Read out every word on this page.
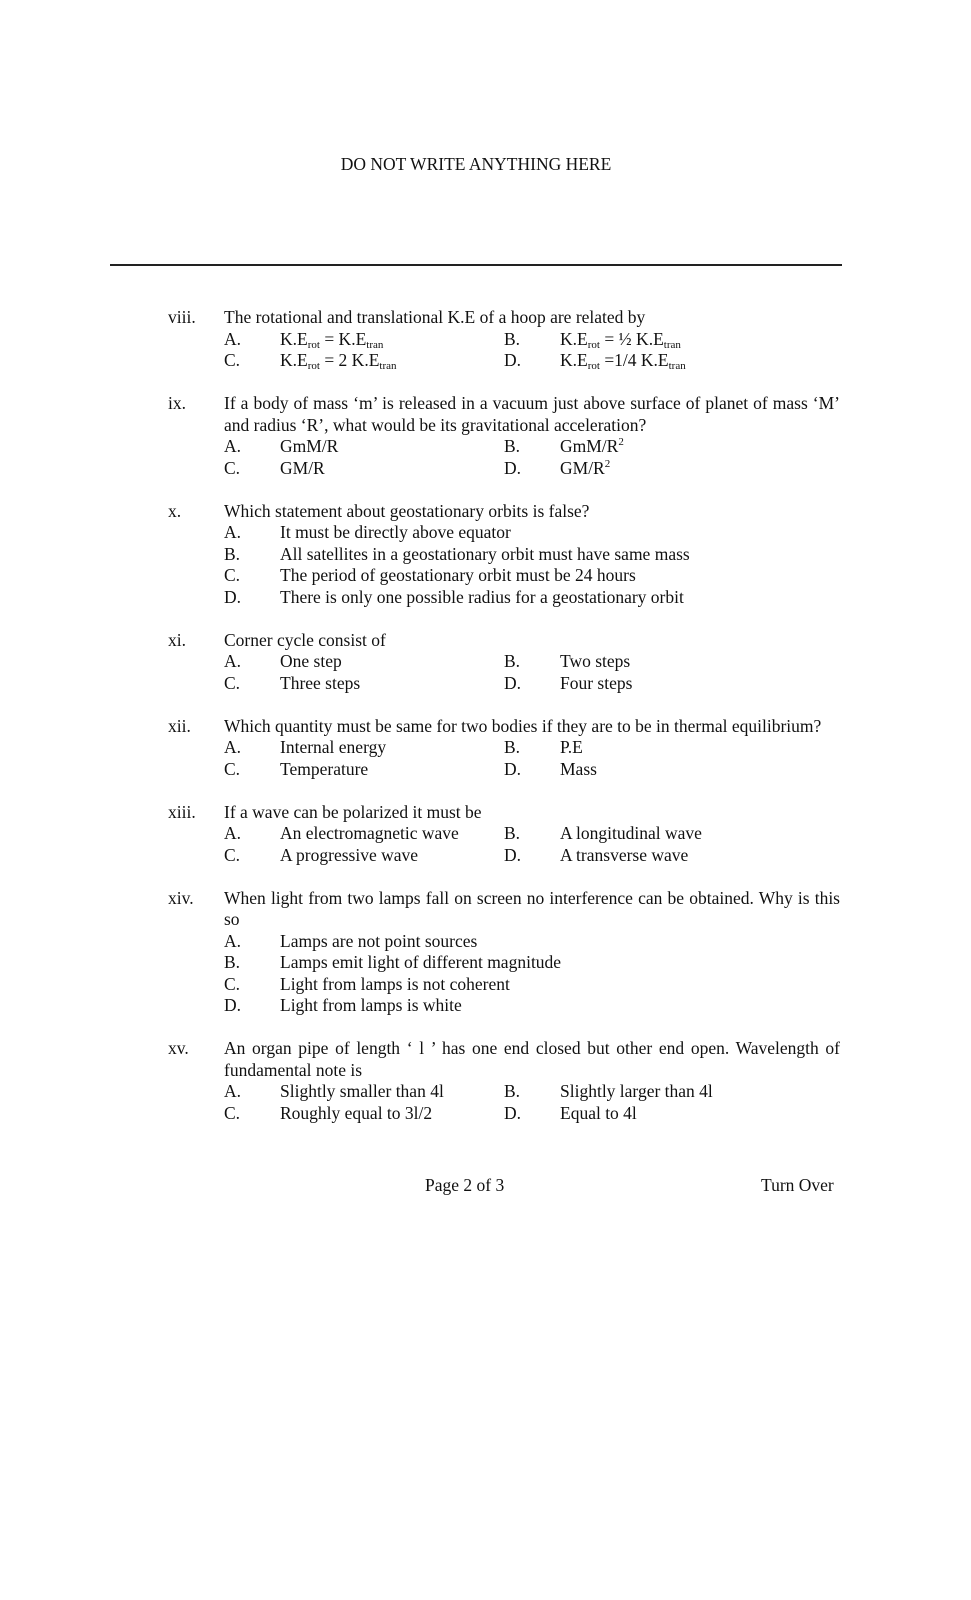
DO NOT WRITE ANYTHING HERE
viii.	The rotational and translational K.E of a hoop are related by
A.	$K.E_{rot} = K.E_{tran}$	B.	$K.E_{rot}$ = ½ $K.E_{tran}$
C.	$K.E_{rot} = 2$ $K.E_{tran}$	D.	$K.E_{rot} =1/4$ $K.E_{tran}$
ix.	If a body of mass ‘m’ is released in a vacuum just above surface of planet of mass ‘M’ and radius ‘R’, what would be its gravitational acceleration?
A.	GmM/R	B.	GmM/$R^2$
C.	GM/R	D.	$GM/R^2$
x.	Which statement about geostationary orbits is false?
A.	It must be directly above equator
B.	All satellites in a geostationary orbit must have same mass
C.	The period of geostationary orbit must be 24 hours
D.	There is only one possible radius for a geostationary orbit
xi.	Corner cycle consist of
A.	One step	B.	Two steps
C.	Three steps	D.	Four steps
xii.	Which quantity must be same for two bodies if they are to be in thermal equilibrium?
A.	Internal energy	B.	P.E
C.	Temperature	D.	Mass
xiii.	If a wave can be polarized it must be
A.	An electromagnetic wave	B.	A longitudinal wave
C.	A progressive wave	D.	A transverse wave
xiv.	When light from two lamps fall on screen no interference can be obtained. Why is this so
A.	Lamps are not point sources
B.	Lamps emit light of different magnitude
C.	Light from lamps is not coherent
D.	Light from lamps is white
xv.	An organ pipe of length ‘ l ’ has one end closed but other end open. Wavelength of fundamental note is
A.	Slightly smaller than 4l	B.	Slightly larger than 4l
C.	Roughly equal to 3l/2	D.	Equal to 4l
Page 2 of 3	Turn Over
